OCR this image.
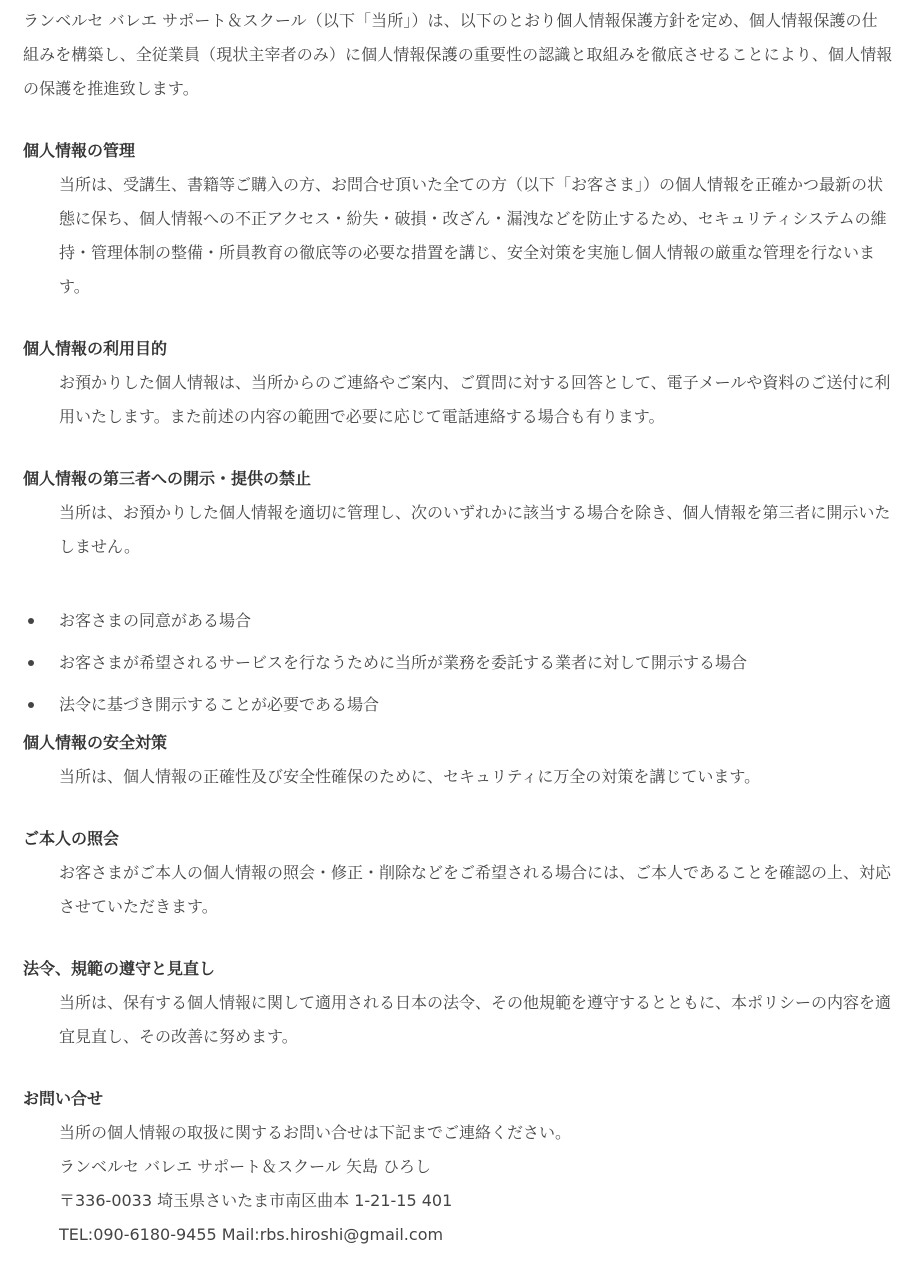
ランベルセ バレエ サポート＆スクール（以下「当所」）は、以下のとおり個人情報保護方針を定め、個人情報保護の仕組みを構築し、全従業員（現状主宰者のみ）に個人情報保護の重要性の認識と取組みを徹底させることにより、個人情報の保護を推進致します。

個人情報の管理
当所は、受講生、書籍等ご購入の方、お問合せ頂いた全ての方（以下「お客さま」）の個人情報を正確かつ最新の状態に保ち、個人情報への不正アクセス・紛失・破損・改ざん・漏洩などを防止するため、セキュリティシステムの維持・管理体制の整備・所員教育の徹底等の必要な措置を講じ、安全対策を実施し個人情報の厳重な管理を行ないます。
個人情報の利用目的
お預かりした個人情報は、当所からのご連絡やご案内、ご質問に対する回答として、電子メールや資料のご送付に利用いたします。また前述の内容の範囲で必要に応じて電話連絡する場合も有ります。
個人情報の第三者への開示・提供の禁止
当所は、お預かりした個人情報を適切に管理し、次のいずれかに該当する場合を除き、個人情報を第三者に開示いたしません。
お客さまの同意がある場合
お客さまが希望されるサービスを行なうために当所が業務を委託する業者に対して開示する場合
法令に基づき開示することが必要である場合
個人情報の安全対策
当所は、個人情報の正確性及び安全性確保のために、セキュリティに万全の対策を講じています。
ご本人の照会
お客さまがご本人の個人情報の照会・修正・削除などをご希望される場合には、ご本人であることを確認の上、対応させていただきます。
法令、規範の遵守と見直し
当所は、保有する個人情報に関して適用される日本の法令、その他規範を遵守するとともに、本ポリシーの内容を適宜見直し、その改善に努めます。
お問い合せ
当所の個人情報の取扱に関するお問い合せは下記までご連絡ください。
ランベルセ バレエ サポート＆スクール 矢島 ひろし
〒336-0033 埼玉県さいたま市南区曲本 1-21-15 401
TEL:090-6180-9455 Mail:rbs.hiroshi@gmail.com
